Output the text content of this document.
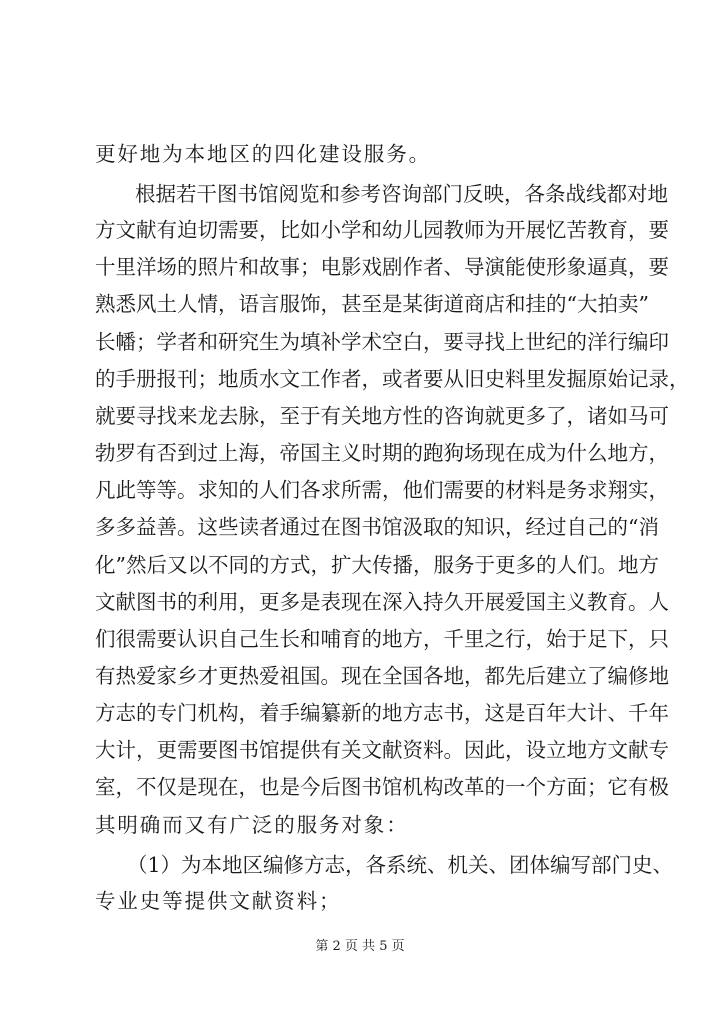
更好地为本地区的四化建设服务。
根据若干图书馆阅览和参考咨询部门反映，各条战线都对地
方文献有迫切需要，比如小学和幼儿园教师为开展忆苦教育，要
十里洋场的照片和故事；电影戏剧作者、导演能使形象逼真，要
熟悉风土人情，语言服饰，甚至是某街道商店和挂的“大拍卖”
长幡；学者和研究生为填补学术空白，要寻找上世纪的洋行编印
的手册报刊；地质水文工作者，或者要从旧史料里发掘原始记录，
就要寻找来龙去脉，至于有关地方性的咨询就更多了，诸如马可
勃罗有否到过上海，帝国主义时期的跑狗场现在成为什么地方，
凡此等等。求知的人们各求所需，他们需要的材料是务求翔实，
多多益善。这些读者通过在图书馆汲取的知识，经过自己的“消
化”然后又以不同的方式，扩大传播，服务于更多的人们。地方
文献图书的利用，更多是表现在深入持久开展爱国主义教育。人
们很需要认识自己生长和哺育的地方，千里之行，始于足下，只
有热爱家乡才更热爱祖国。现在全国各地，都先后建立了编修地
方志的专门机构，着手编纂新的地方志书，这是百年大计、千年
大计，更需要图书馆提供有关文献资料。因此，设立地方文献专
室，不仅是现在，也是今后图书馆机构改革的一个方面；它有极
其明确而又有广泛的服务对象：
（1）为本地区编修方志，各系统、机关、团体编写部门史、
专业史等提供文献资料；
第 2 页 共 5 页
